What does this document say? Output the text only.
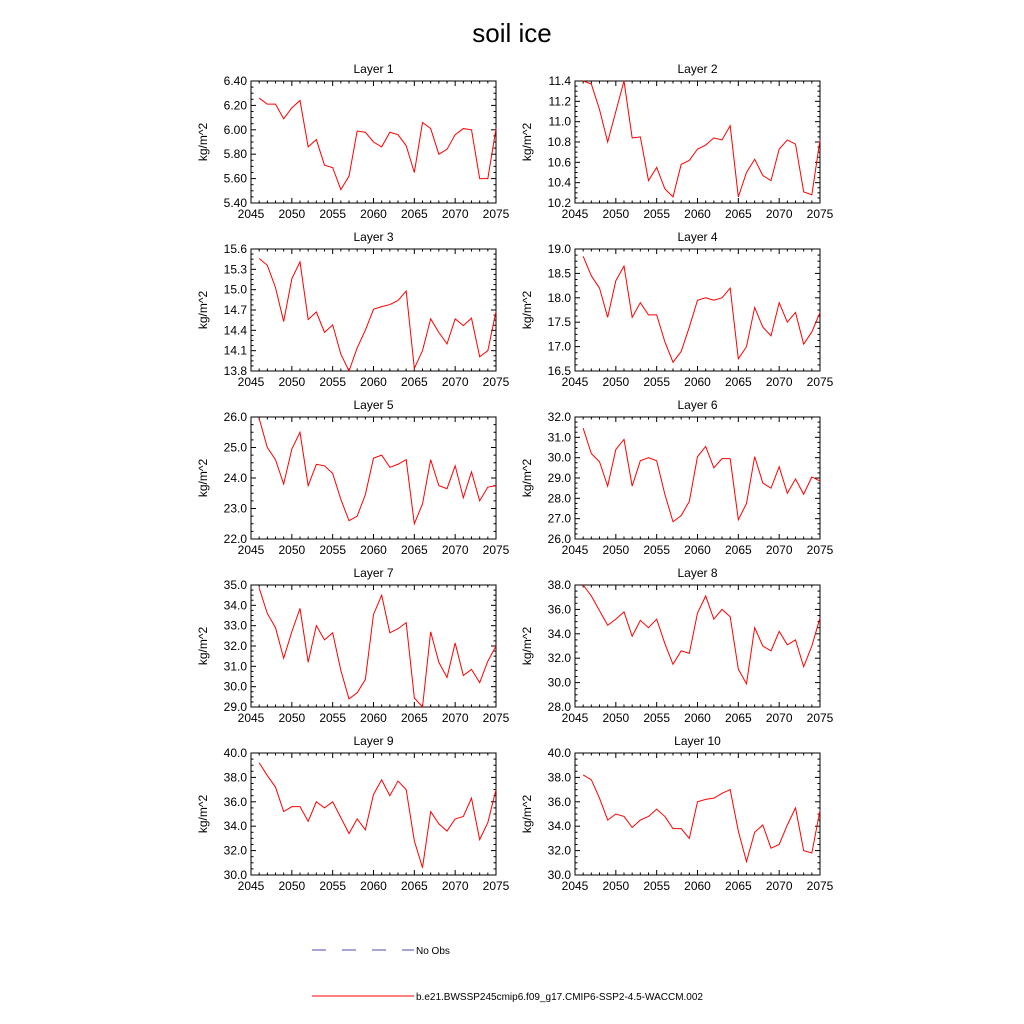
soil ice
Layer 1
kg/m^2
2045 2050 2055 2060 2065 2070 2075
5.40
5.60
5.80
6.00
6.20
6.40
Layer 2
kg/m^2
2045 2050 2055 2060 2065 2070 2075
10.2
10.4
10.6
10.8
11.0
11.2
11.4
Layer 3
kg/m^2
2045 2050 2055 2060 2065 2070 2075
13.8
14.1
14.4
14.7
15.0
15.3
15.6
Layer 4
kg/m^2
2045 2050 2055 2060 2065 2070 2075
16.5
17.0
17.5
18.0
18.5
19.0
Layer 5
kg/m^2
2045 2050 2055 2060 2065 2070 2075
22.0
23.0
24.0
25.0
26.0
Layer 6
kg/m^2
2045 2050 2055 2060 2065 2070 2075
26.0
27.0
28.0
29.0
30.0
31.0
32.0
Layer 7
kg/m^2
2045 2050 2055 2060 2065 2070 2075
29.0
30.0
31.0
32.0
33.0
34.0
35.0
Layer 8
kg/m^2
2045 2050 2055 2060 2065 2070 2075
28.0
30.0
32.0
34.0
36.0
38.0
Layer 9
kg/m^2
2045 2050 2055 2060 2065 2070 2075
30.0
32.0
34.0
36.0
38.0
40.0
Layer 10
kg/m^2
2045 2050 2055 2060 2065 2070 2075
30.0
32.0
34.0
36.0
38.0
40.0
No Obs
b.e21.BWSSP245cmip6.f09_g17.CMIP6-SSP2-4.5-WACCM.002
